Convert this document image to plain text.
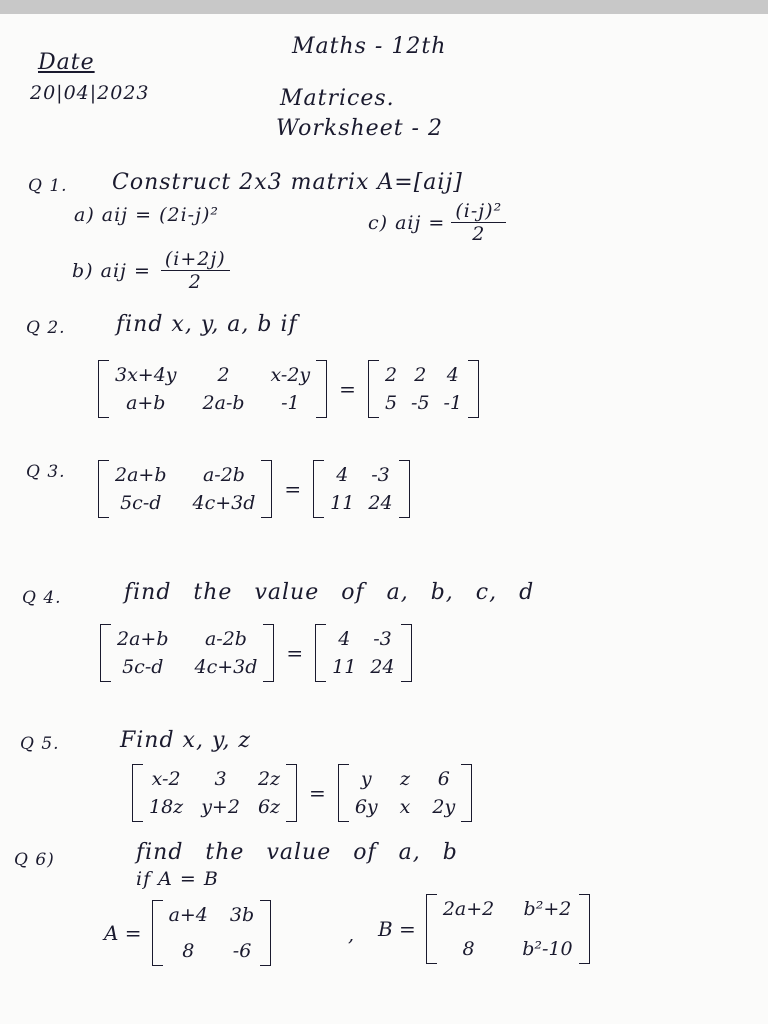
Maths - 12th
Date
20|04|2023	Matrices.
Worksheet - 2
Q 1. Construct 2x3 matrix A=[aij]
a) aij = (2i-j)²	c) aij = $\frac{\text{(i-j)²}}{2}$
b) aij = $\frac{(i+2j)}{2}$
Q 2. find x, y, a, b if
3x+4y	2	x-2y
a+b	2a-b	-1
=
2 2 4
5 -5 -1
Q 3.	2a+b	a-2b
5c-d 4c+3d
=
4	-3
11 24
Q 4.	find the value of a, b, c, d
2a+b	a-2b
5c-d 4c+3d
=
4	-3
11 24
Q 5.	Find x, y, z
x-2	3	2z
18z y+2 6z
=
y	z 6
6y x 2y
Q 6)	find the value of a, b
if A = B
A =
a+4 3b
8	-6
, B =
2a+2 b²+2
8	b²-10
